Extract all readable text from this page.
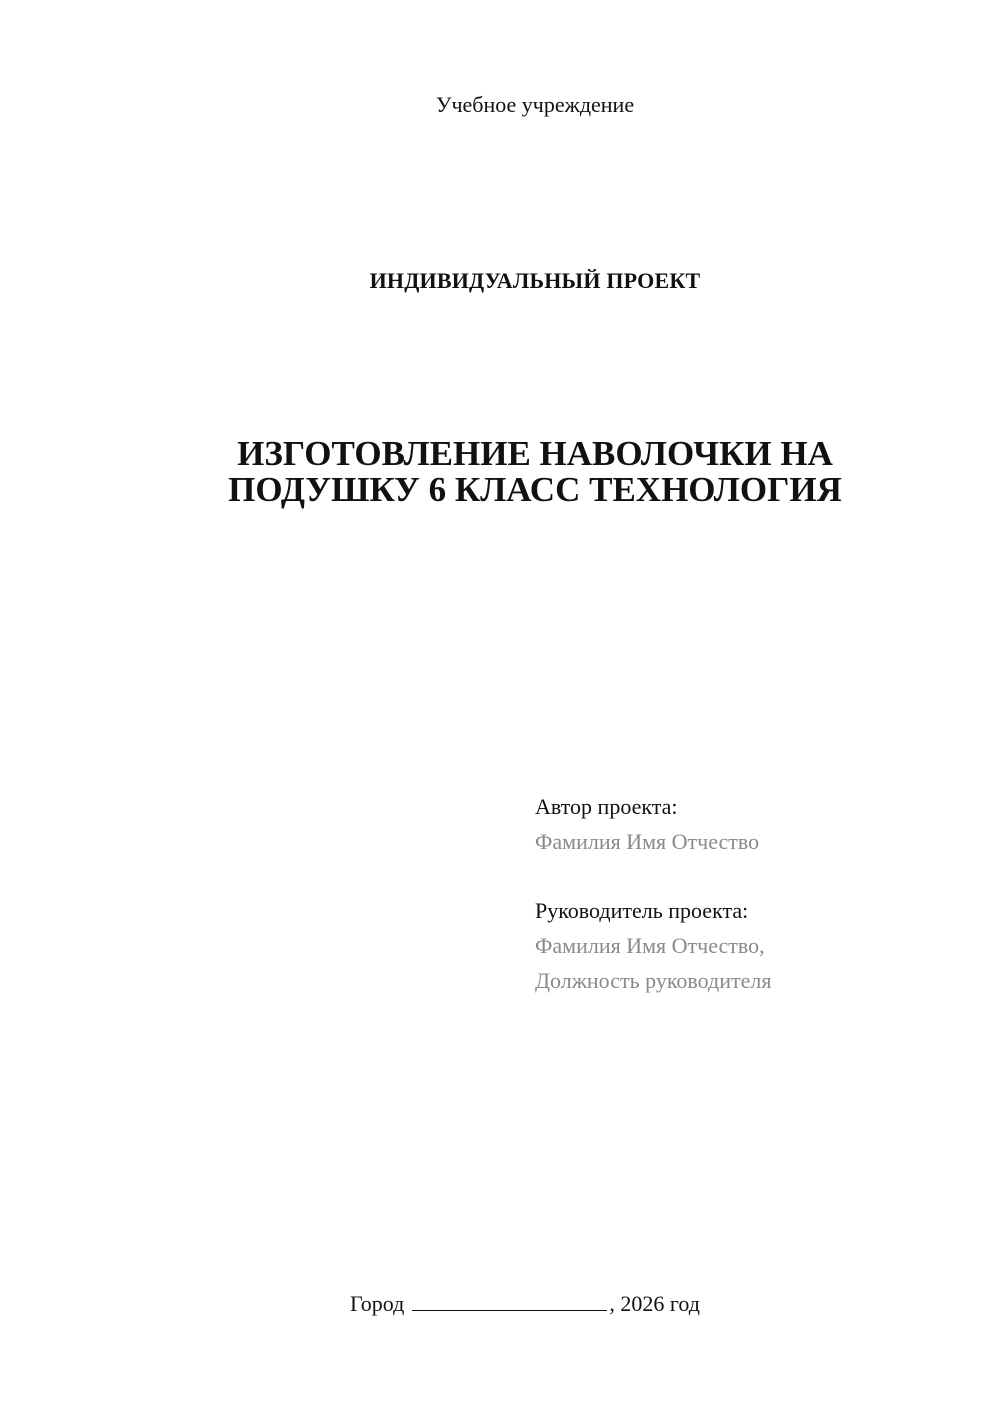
Учебное учреждение
ИНДИВИДУАЛЬНЫЙ ПРОЕКТ
ИЗГОТОВЛЕНИЕ НАВОЛОЧКИ НА
ПОДУШКУ 6 КЛАСС ТЕХНОЛОГИЯ
Автор проекта:
Фамилия Имя Отчество
Руководитель проекта:
Фамилия Имя Отчество,
Должность руководителя
Город	, 2026 год
